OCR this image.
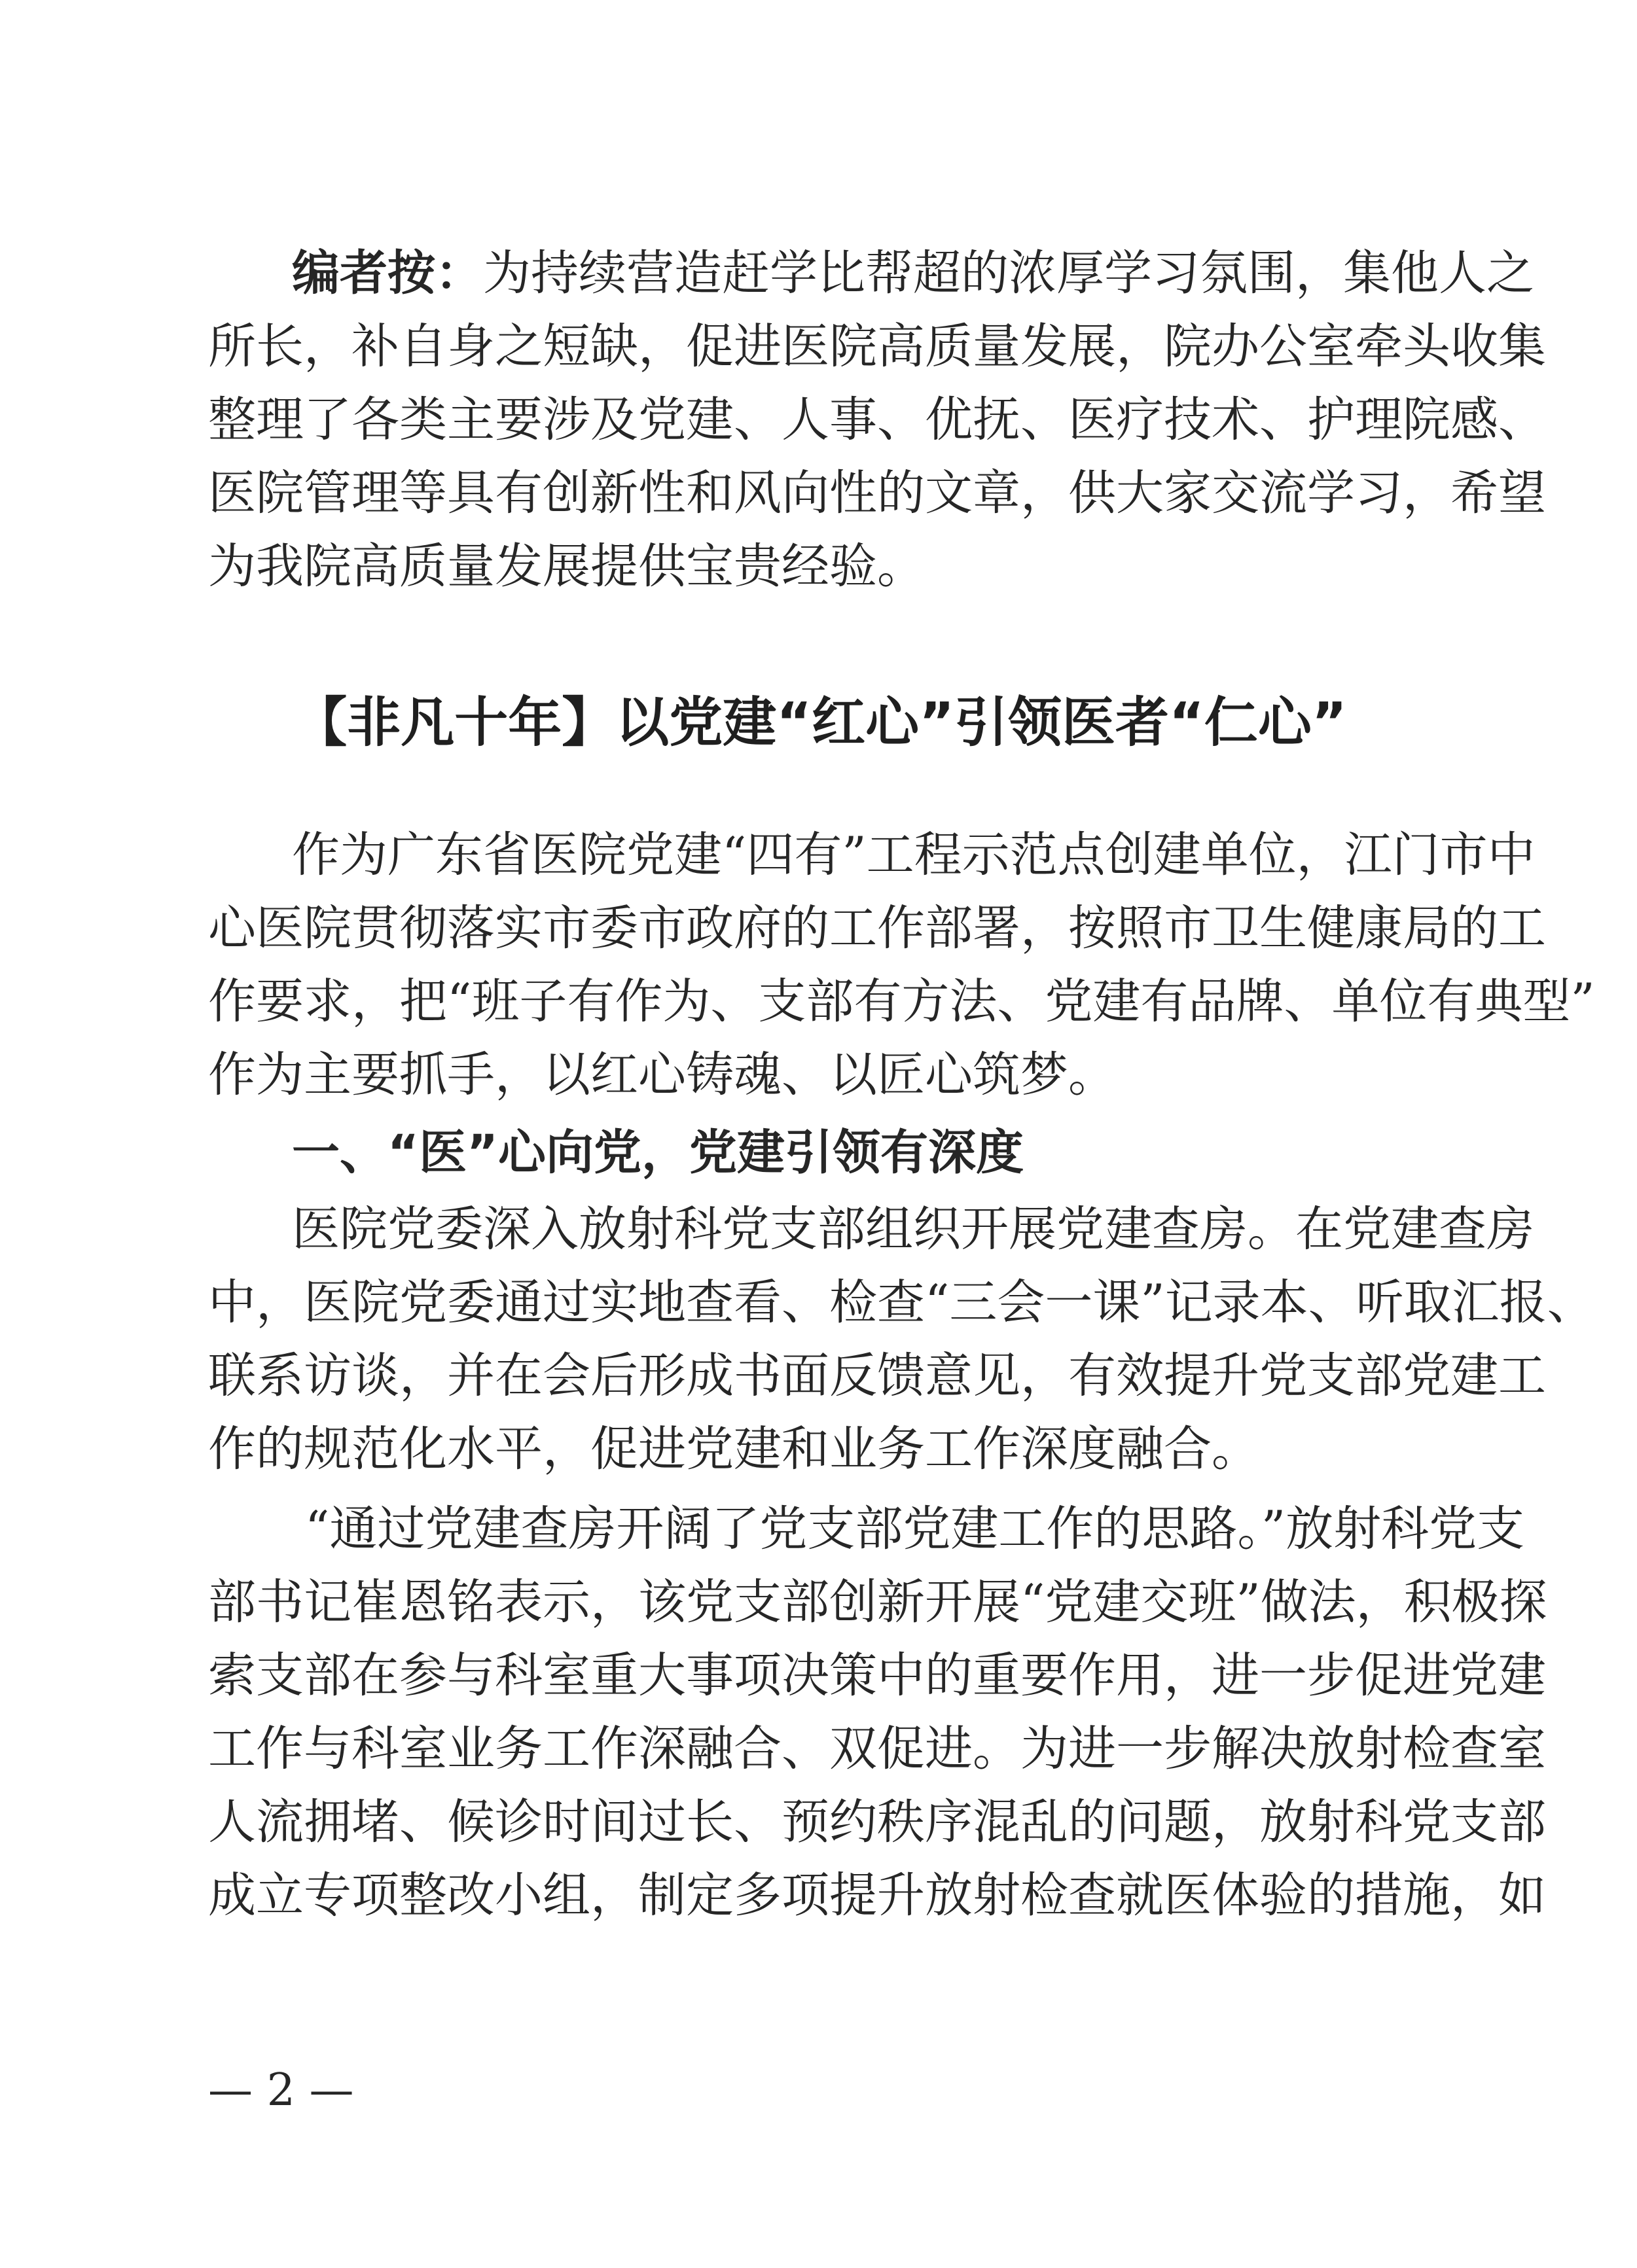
编者按：为持续营造赶学比帮超的浓厚学习氛围，集他人之
所长，补自身之短缺，促进医院高质量发展，院办公室牵头收集
整理了各类主要涉及党建、人事、优抚、医疗技术、护理院感、
医院管理等具有创新性和风向性的文章，供大家交流学习，希望
为我院高质量发展提供宝贵经验。
【非凡十年】以党建“红心”引领医者“仁心”
作为广东省医院党建“四有”工程示范点创建单位，江门市中
心医院贯彻落实市委市政府的工作部署，按照市卫生健康局的工
作要求，把“班子有作为、支部有方法、党建有品牌、单位有典型”
作为主要抓手，以红心铸魂、以匠心筑梦。
一、“医”心向党，党建引领有深度
医院党委深入放射科党支部组织开展党建查房。在党建查房
中，医院党委通过实地查看、检查“三会一课”记录本、听取汇报、
联系访谈，并在会后形成书面反馈意见，有效提升党支部党建工
作的规范化水平，促进党建和业务工作深度融合。
“通过党建查房开阔了党支部党建工作的思路。”放射科党支
部书记崔恩铭表示，该党支部创新开展“党建交班”做法，积极探
索支部在参与科室重大事项决策中的重要作用，进一步促进党建
工作与科室业务工作深融合、双促进。为进一步解决放射检查室
人流拥堵、候诊时间过长、预约秩序混乱的问题，放射科党支部
成立专项整改小组，制定多项提升放射检查就医体验的措施，如
— 2 —
